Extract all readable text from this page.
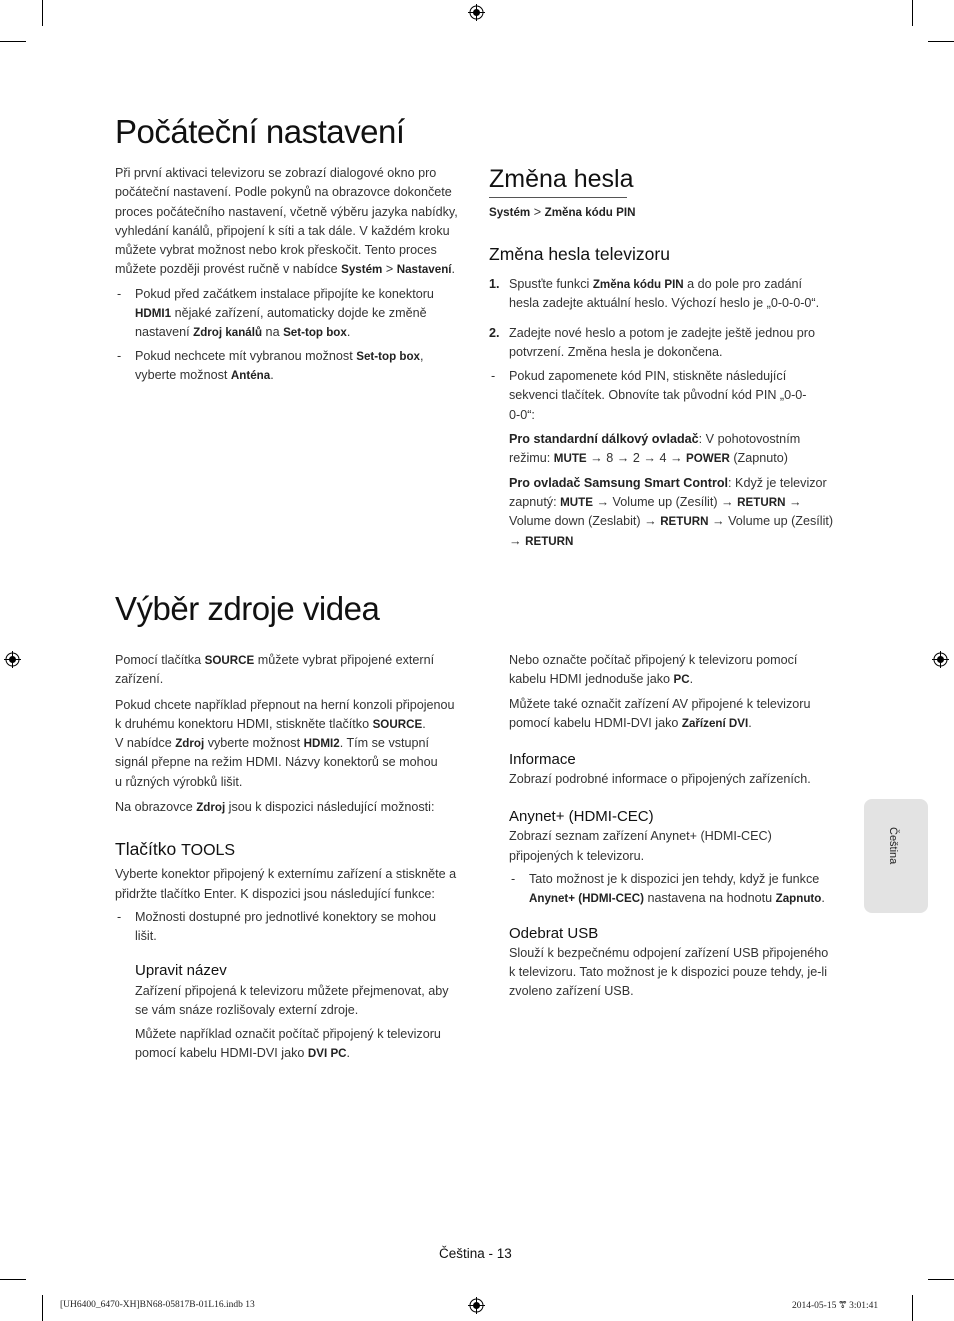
Počáteční nastavení

Při první aktivaci televizoru se zobrazí dialogové okno pro
počáteční nastavení. Podle pokynů na obrazovce dokončete
proces počátečního nastavení, včetně výběru jazyka nabídky,
vyhledání kanálů, připojení k síti a tak dále. V každém kroku
můžete vybrat možnost nebo krok přeskočit. Tento proces
můžete později provést ručně v nabídce Systém > Nastavení.

- Pokud před začátkem instalace připojíte ke konektoru
HDMI1 nějaké zařízení, automaticky dojde ke změně
nastavení Zdroj kanálů na Set-top box.

- Pokud nechcete mít vybranou možnost Set-top box,
vyberte možnost Anténa.

Změna hesla
Systém > Změna kódu PIN
Změna hesla televizoru

1. Spusťte funkci Změna kódu PIN a do pole pro zadání
hesla zadejte aktuální heslo. Výchozí heslo je „0-0-0-0“.

2. Zadejte nové heslo a potom je zadejte ještě jednou pro
potvrzení. Změna hesla je dokončena.

- Pokud zapomenete kód PIN, stiskněte následující
sekvenci tlačítek. Obnovíte tak původní kód PIN „0-0-
0-0“:

Pro standardní dálkový ovladač: V pohotovostním
režimu: MUTE → 8 → 2 → 4 → POWER (Zapnuto)

Pro ovladač Samsung Smart Control: Když je televizor
zapnutý: MUTE → Volume up (Zesílit) → RETURN →
Volume down (Zeslabit) → RETURN → Volume up (Zesílit)
→ RETURN

Výběr zdroje videa

Pomocí tlačítka SOURCE můžete vybrat připojené externí
zařízení.

Pokud chcete například přepnout na herní konzoli připojenou
k druhému konektoru HDMI, stiskněte tlačítko SOURCE.
V nabídce Zdroj vyberte možnost HDMI2. Tím se vstupní
signál přepne na režim HDMI. Názvy konektorů se mohou
u různých výrobků lišit.

Na obrazovce Zdroj jsou k dispozici následující možnosti:

Tlačítko TOOLS

Vyberte konektor připojený k externímu zařízení a stiskněte a
přidržte tlačítko Enter. K dispozici jsou následující funkce:

- Možnosti dostupné pro jednotlivé konektory se mohou
lišit.

Upravit název

Zařízení připojená k televizoru můžete přejmenovat, aby
se vám snáze rozlišovaly externí zdroje.

Můžete například označit počítač připojený k televizoru
pomocí kabelu HDMI-DVI jako DVI PC.

Nebo označte počítač připojený k televizoru pomocí
kabelu HDMI jednoduše jako PC.

Můžete také označit zařízení AV připojené k televizoru
pomocí kabelu HDMI-DVI jako Zařízení DVI.

Informace

Zobrazí podrobné informace o připojených zařízeních.

Anynet+ (HDMI-CEC)

Zobrazí seznam zařízení Anynet+ (HDMI-CEC)
připojených k televizoru.

- Tato možnost je k dispozici jen tehdy, když je funkce
Anynet+ (HDMI-CEC) nastavena na hodnotu Zapnuto.

Odebrat USB

Slouží k bezpečnému odpojení zařízení USB připojeného
k televizoru. Tato možnost je k dispozici pouze tehdy, je-li
zvoleno zařízení USB.

Čeština
Čeština - 13
[UH6400_6470-XH]BN68-05817B-01L16.indb 13	2014-05-15 ꔅ 3:01:41
